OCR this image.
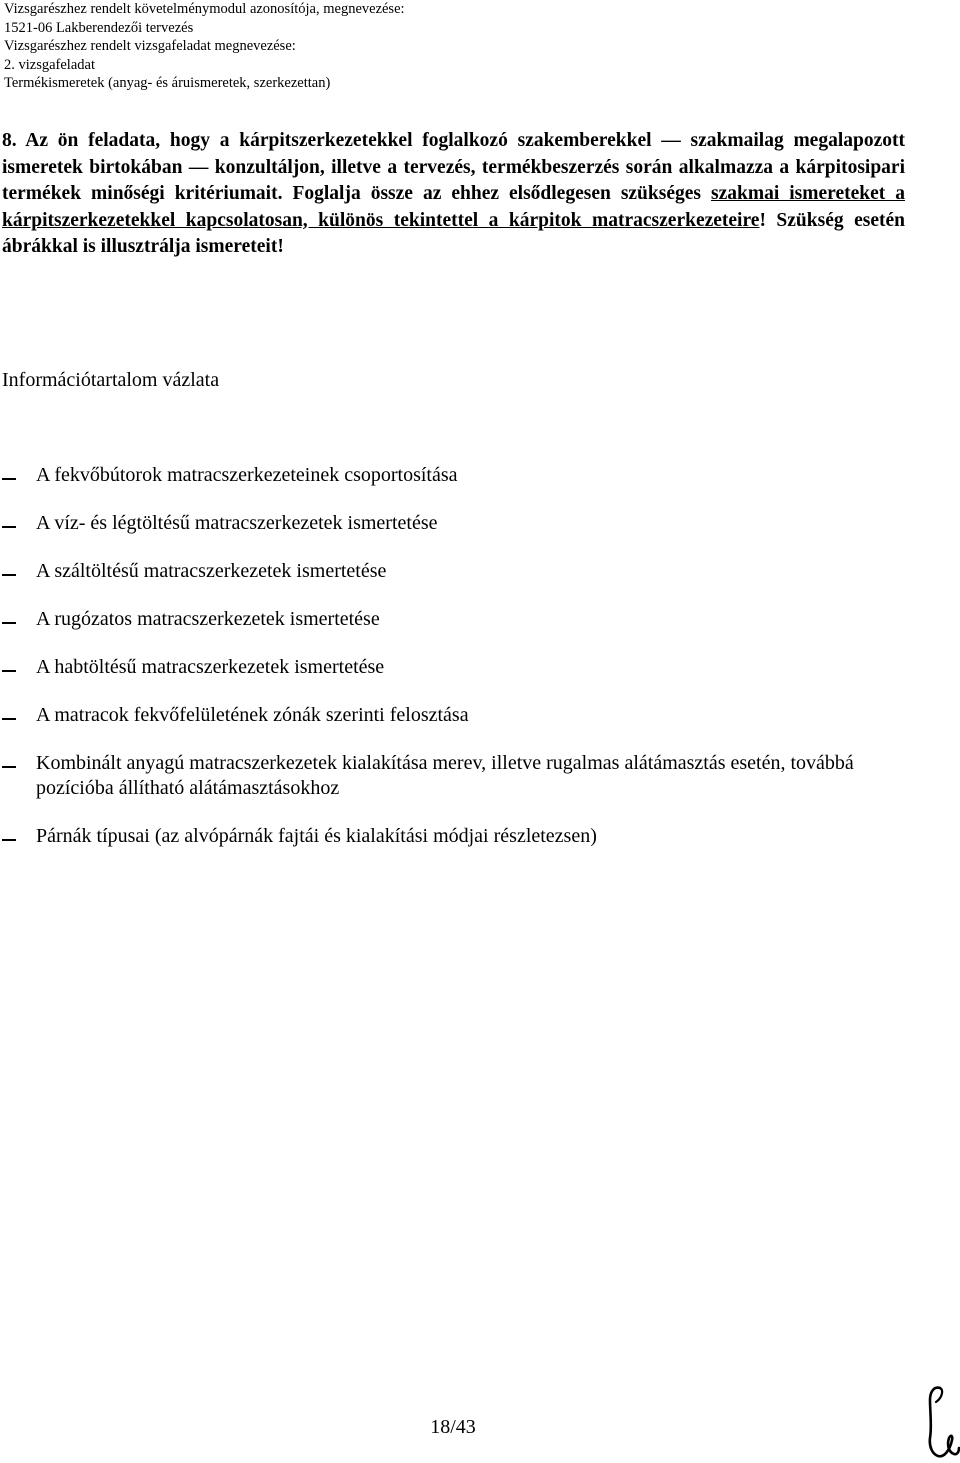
Vizsgarészhez rendelt követelménymodul azonosítója, megnevezése:
1521-06 Lakberendezői tervezés
Vizsgarészhez rendelt vizsgafeladat megnevezése:
2. vizsgafeladat
Termékismeretek (anyag- és áruismeretek, szerkezettan)
8. Az ön feladata, hogy a kárpitszerkezetekkel foglalkozó szakemberekkel — szakmailag megalapozott ismeretek birtokában — konzultáljon, illetve a tervezés, termékbeszerzés során alkalmazza a kárpitosipari termékek minőségi kritériumait. Foglalja össze az ehhez elsődlegesen szükséges szakmai ismereteket a kárpitszerkezetekkel kapcsolatosan, különös tekintettel a kárpitok matracszerkezeteire! Szükség esetén ábrákkal is illusztrálja ismereteit!
Információtartalom vázlata
A fekvőbútorok matracszerkezeteinek csoportosítása
A víz- és légtöltésű matracszerkezetek ismertetése
A száltöltésű matracszerkezetek ismertetése
A rugózatos matracszerkezetek ismertetése
A habtöltésű matracszerkezetek ismertetése
A matracok fekvőfelületének zónák szerinti felosztása
Kombinált anyagú matracszerkezetek kialakítása merev, illetve rugalmas alátámasztás esetén, továbbá pozícióba állítható alátámasztásokhoz
Párnák típusai (az alvópárnák fajtái és kialakítási módjai részletezsen)
18/43
